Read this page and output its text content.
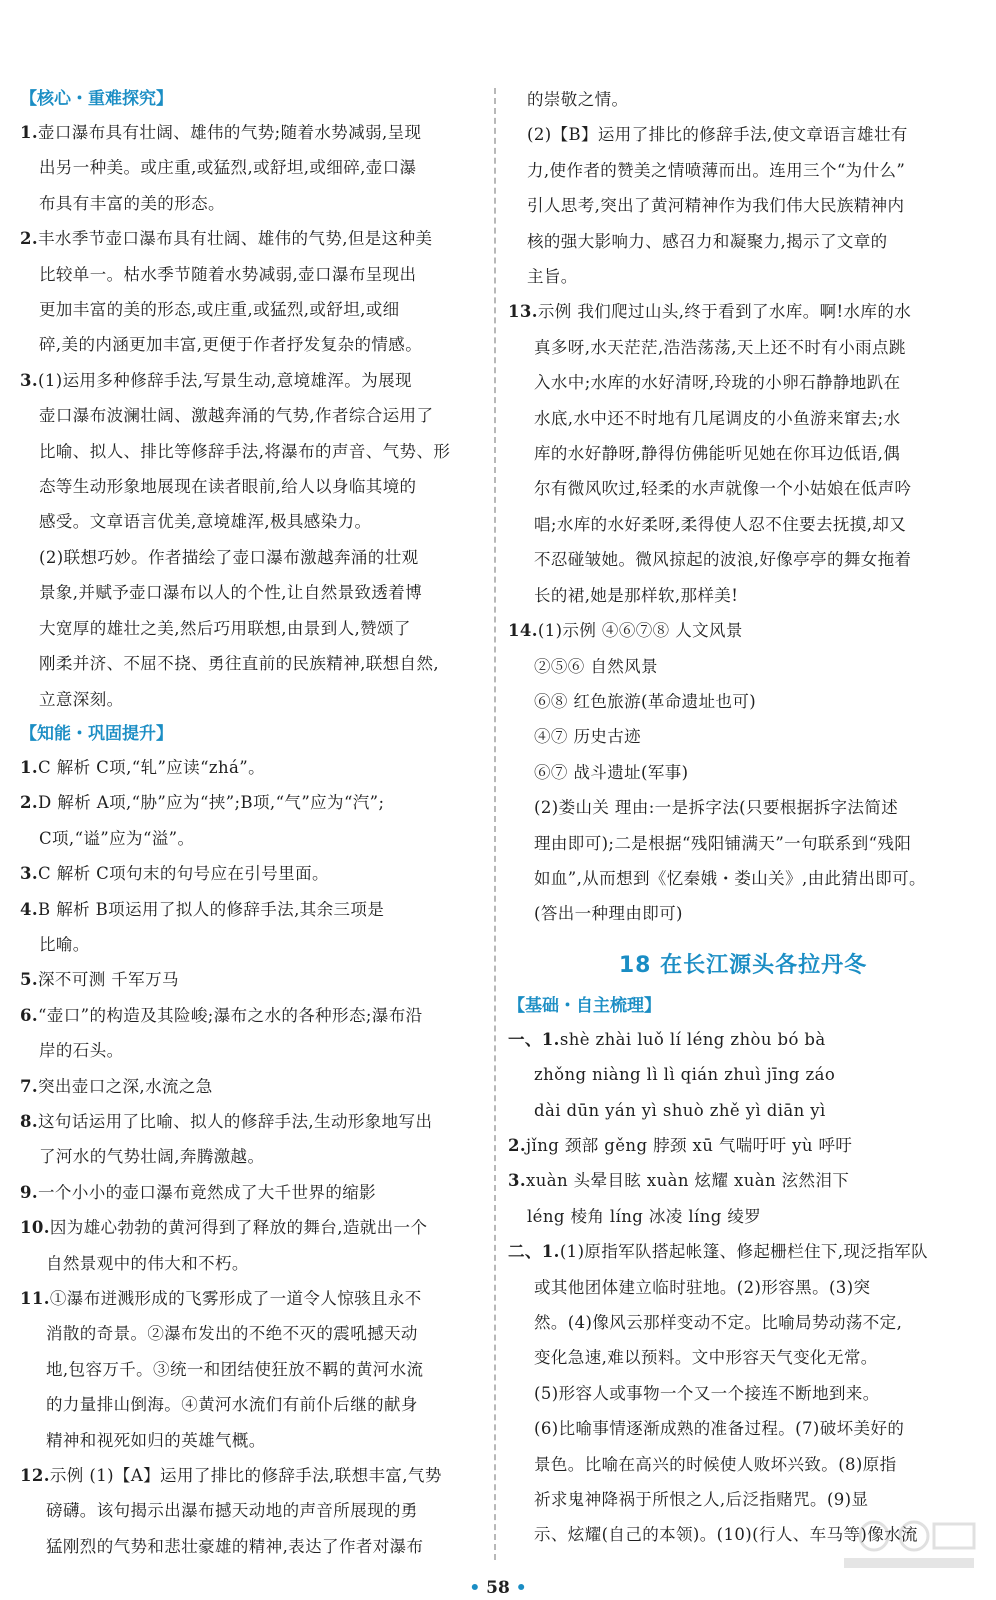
【核心・重难探究】
1.壶口瀑布具有壮阔、雄伟的气势;随着水势减弱,呈现
出另一种美。或庄重,或猛烈,或舒坦,或细碎,壶口瀑
布具有丰富的美的形态。
2.丰水季节壶口瀑布具有壮阔、雄伟的气势,但是这种美
比较单一。枯水季节随着水势减弱,壶口瀑布呈现出
更加丰富的美的形态,或庄重,或猛烈,或舒坦,或细
碎,美的内涵更加丰富,更便于作者抒发复杂的情感。
3.(1)运用多种修辞手法,写景生动,意境雄浑。为展现
壶口瀑布波澜壮阔、激越奔涌的气势,作者综合运用了
比喻、拟人、排比等修辞手法,将瀑布的声音、气势、形
态等生动形象地展现在读者眼前,给人以身临其境的
感受。文章语言优美,意境雄浑,极具感染力。
(2)联想巧妙。作者描绘了壶口瀑布激越奔涌的壮观
景象,并赋予壶口瀑布以人的个性,让自然景致透着博
大宽厚的雄壮之美,然后巧用联想,由景到人,赞颂了
刚柔并济、不屈不挠、勇往直前的民族精神,联想自然,
立意深刻。
【知能・巩固提升】
1.C 解析 C项,“轧”应读“zhá”。
2.D 解析 A项,“胁”应为“挟”;B项,“气”应为“汽”;
C项,“谥”应为“溢”。
3.C 解析 C项句末的句号应在引号里面。
4.B 解析 B项运用了拟人的修辞手法,其余三项是
比喻。
5.深不可测 千军万马
6.“壶口”的构造及其险峻;瀑布之水的各种形态;瀑布沿
岸的石头。
7.突出壶口之深,水流之急
8.这句话运用了比喻、拟人的修辞手法,生动形象地写出
了河水的气势壮阔,奔腾激越。
9.一个小小的壶口瀑布竟然成了大千世界的缩影
10.因为雄心勃勃的黄河得到了释放的舞台,造就出一个
自然景观中的伟大和不朽。
11.①瀑布迸溅形成的飞雾形成了一道令人惊骇且永不
消散的奇景。②瀑布发出的不绝不灭的震吼撼天动
地,包容万千。③统一和团结使狂放不羁的黄河水流
的力量排山倒海。④黄河水流们有前仆后继的献身
精神和视死如归的英雄气概。
12.示例 (1)【A】运用了排比的修辞手法,联想丰富,气势
磅礴。该句揭示出瀑布撼天动地的声音所展现的勇
猛刚烈的气势和悲壮豪雄的精神,表达了作者对瀑布
的崇敬之情。
(2)【B】运用了排比的修辞手法,使文章语言雄壮有
力,使作者的赞美之情喷薄而出。连用三个“为什么”
引人思考,突出了黄河精神作为我们伟大民族精神内
核的强大影响力、感召力和凝聚力,揭示了文章的
主旨。
13.示例 我们爬过山头,终于看到了水库。啊!水库的水
真多呀,水天茫茫,浩浩荡荡,天上还不时有小雨点跳
入水中;水库的水好清呀,玲珑的小卵石静静地趴在
水底,水中还不时地有几尾调皮的小鱼游来窜去;水
库的水好静呀,静得仿佛能听见她在你耳边低语,偶
尔有微风吹过,轻柔的水声就像一个小姑娘在低声吟
唱;水库的水好柔呀,柔得使人忍不住要去抚摸,却又
不忍碰皱她。微风掠起的波浪,好像亭亭的舞女拖着
长的裙,她是那样软,那样美!
14.(1)示例 ④⑥⑦⑧ 人文风景
②⑤⑥ 自然风景
⑥⑧ 红色旅游(革命遗址也可)
④⑦ 历史古迹
⑥⑦ 战斗遗址(军事)
(2)娄山关 理由:一是拆字法(只要根据拆字法简述
理由即可);二是根据“残阳铺满天”一句联系到“残阳
如血”,从而想到《忆秦娥・娄山关》,由此猜出即可。
(答出一种理由即可)
18 在长江源头各拉丹冬
【基础・自主梳理】
一、1.shè zhài luǒ lí léng zhòu bó bà
zhǒng niàng lì lì qián zhuì jīng záo
dài dūn yán yì shuò zhě yì diān yì
2.jǐng 颈部 gěng 脖颈 xū 气喘吁吁 yù 呼吁
3.xuàn 头晕目眩 xuàn 炫耀 xuàn 泫然泪下
léng 棱角 líng 冰凌 líng 绫罗
二、1.(1)原指军队搭起帐篷、修起栅栏住下,现泛指军队
或其他团体建立临时驻地。(2)形容黑。(3)突
然。(4)像风云那样变动不定。比喻局势动荡不定,
变化急速,难以预料。文中形容天气变化无常。
(5)形容人或事物一个又一个接连不断地到来。
(6)比喻事情逐渐成熟的准备过程。(7)破坏美好的
景色。比喻在高兴的时候使人败坏兴致。(8)原指
祈求鬼神降祸于所恨之人,后泛指赌咒。(9)显
示、炫耀(自己的本领)。(10)(行人、车马等)像水流
• 58 •
